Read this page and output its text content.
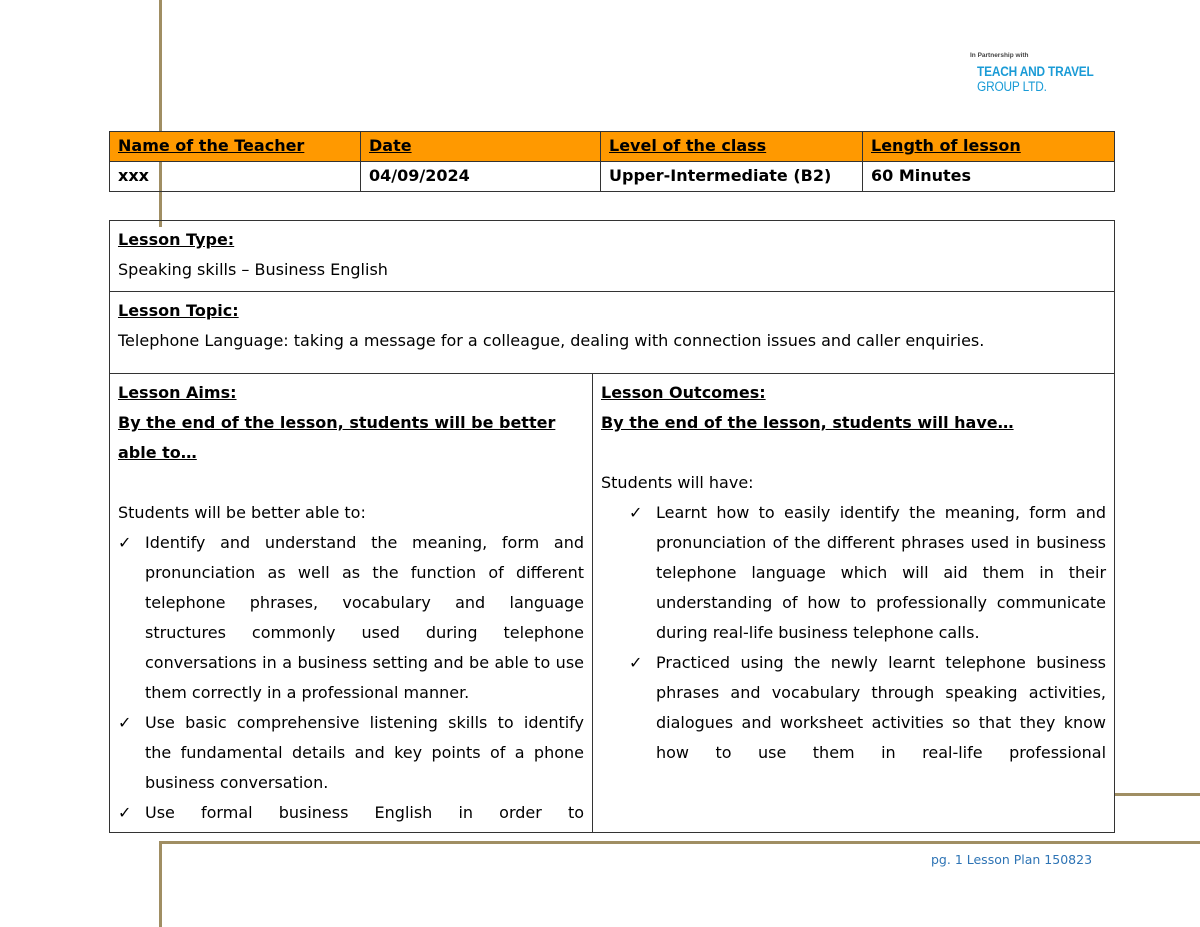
In Partnership with
TEACH AND TRAVEL
GROUP LTD.
Name of the Teacher	Date	Level of the class	Length of lesson
xxx	04/09/2024	Upper-Intermediate (B2)	60 Minutes
Lesson Type:
Speaking skills – Business English

Lesson Topic:
Telephone Language: taking a message for a colleague, dealing with connection issues and caller enquiries.

Lesson Aims:
By the end of the lesson, students will be better able to…
Students will be better able to:
✓ Identify and understand the meaning, form and pronunciation as well as the function of different telephone phrases, vocabulary and language structures commonly used during telephone conversations in a business setting and be able to use them correctly in a professional manner.
✓ Use basic comprehensive listening skills to identify the fundamental details and key points of a phone business conversation.
✓ Use formal business English in order to

Lesson Outcomes:
By the end of the lesson, students will have…
Students will have:
✓ Learnt how to easily identify the meaning, form and pronunciation of the different phrases used in business telephone language which will aid them in their understanding of how to professionally communicate during real-life business telephone calls.
✓ Practiced using the newly learnt telephone business phrases and vocabulary through speaking activities, dialogues and worksheet activities so that they know how to use them in real-life professional
pg. 1 Lesson Plan 150823
